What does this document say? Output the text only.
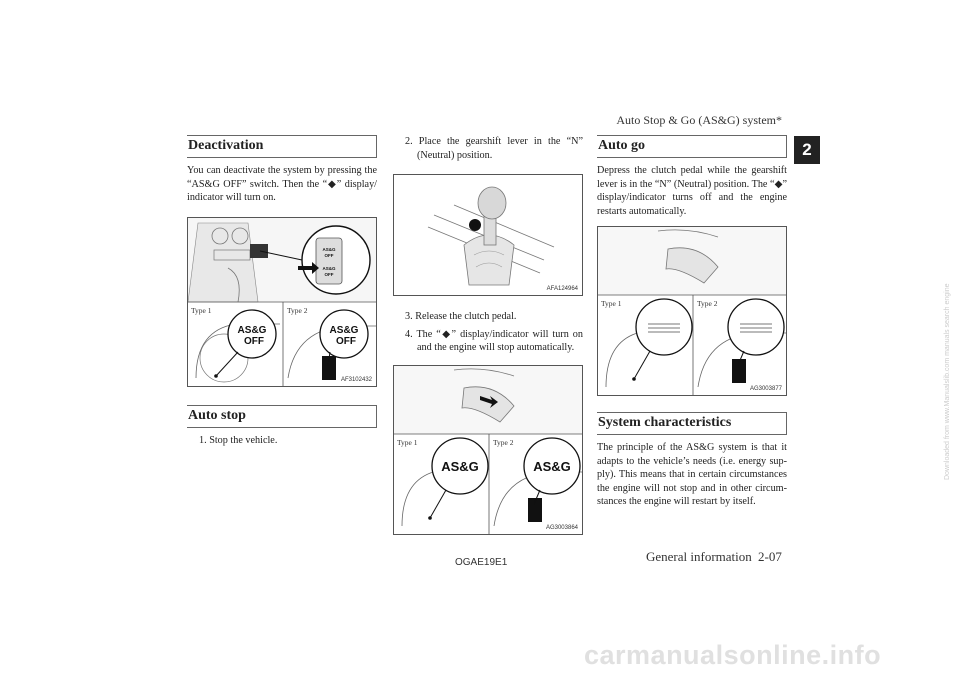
Auto Stop & Go (AS&G) system*
2
Deactivation

You can deactivate the system by pressing the “AS&G OFF” switch. Then the “◆” display/ indicator will turn on.

AS&G
OFF
AS&G
OFF
AS&G
OFF
AS&G
OFF
Type 1	Type 2
AF3102432
Auto stop

1. Stop the vehicle.

2. Place the gearshift lever in the “N” (Neutral) position.

N
AFA124964

3. Release the clutch pedal.

4. The “◆” display/indicator will turn on and the engine will stop automatically.

AS&G	AS&G
Type 1	Type 2
AG3003864
Auto go

Depress the clutch pedal while the gearshift lever is in the “N” (Neutral) position. The “◆” display/indicator turns off and the engine restarts automatically.

Type 1	Type 2
AG3003877
System characteristics

The principle of the AS&G system is that it adapts to the vehicle’s needs (i.e. energy sup- ply). This means that in certain circumstances the engine will not stop and in other circum- stances the engine will restart by itself.

OGAE19E1	General information 2-07
carmanualsonline.info
Downloaded from www.Manualslib.com manuals search engine
